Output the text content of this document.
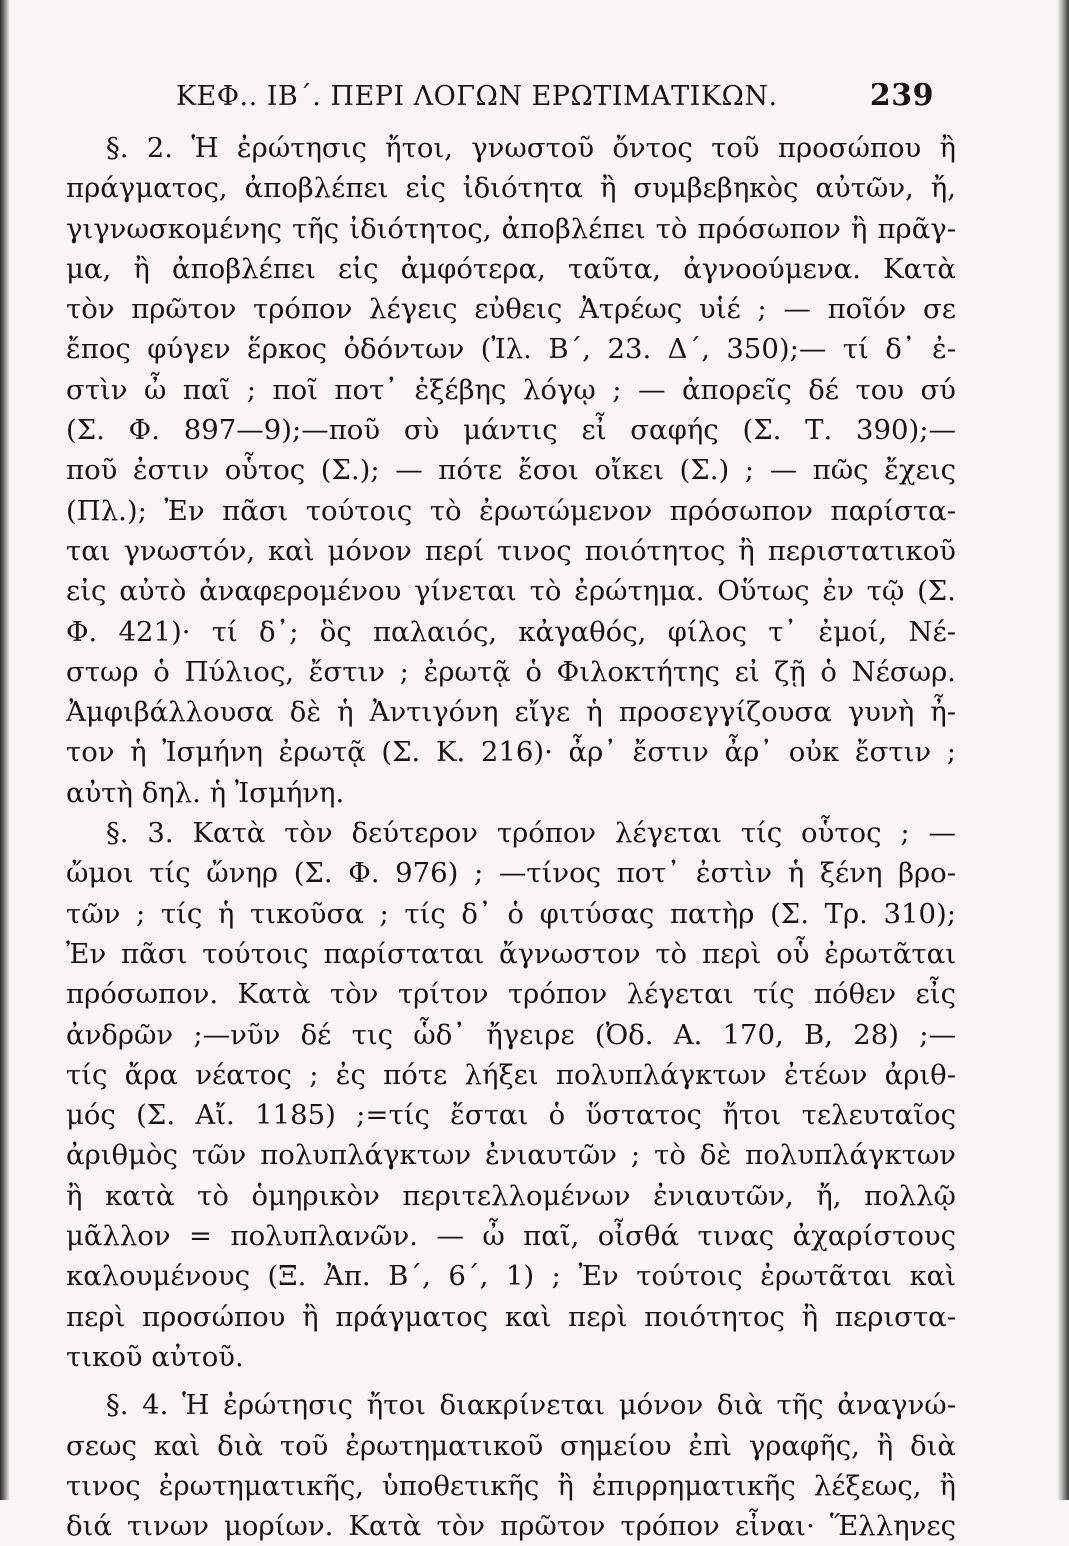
ΚΕΦ.. ΙΒ΄. ΠΕΡΙ ΛΟΓΩΝ ΕΡΩΤΙΜΑΤΙΚΩΝ.	239
§. 2. Ἡ ἐρώτησις ἤτοι, γνωστοῦ ὄντος τοῦ προσώπου ἢ
πράγματος, ἀποβλέπει εἰς ἰδιότητα ἢ συμβεβηκὸς αὐτῶν, ἤ,
γιγνωσκομένης τῆς ἰδιότητος, ἀποβλέπει τὸ πρόσωπον ἢ πρᾶγ-
μα, ἢ ἀποβλέπει εἰς ἀμφότερα, ταῦτα, ἀγνοούμενα. Κατὰ
τὸν πρῶτον τρόπον λέγεις εὐθεις Ἀτρέως υἱέ ; — ποῖόν σε
ἔπος φύγεν ἕρκος ὀδόντων (Ἰλ. Β΄, 23. Δ΄, 350);— τί δ᾽ ἐ-
στὶν ὦ παῖ ; ποῖ ποτ᾽ ἐξέβης λόγῳ ; — ἀπορεῖς δέ του σύ
(Σ. Φ. 897—9);—ποῦ σὺ μάντις εἶ σαφής (Σ. Τ. 390);—
ποῦ ἐστιν οὗτος (Σ.); — πότε ἔσοι οἴκει (Σ.) ; — πῶς ἔχεις
(Πλ.); Ἐν πᾶσι τούτοις τὸ ἐρωτώμενον πρόσωπον παρίστα-
ται γνωστόν, καὶ μόνον περί τινος ποιότητος ἢ περιστατικοῦ
εἰς αὐτὸ ἀναφερομένου γίνεται τὸ ἐρώτημα. Οὕτως ἐν τῷ (Σ.
Φ. 421)· τί δ᾽; ὃς παλαιός, κἀγαθός, φίλος τ᾽ ἐμοί, Νέ-
στωρ ὁ Πύλιος, ἔστιν ; ἐρωτᾷ ὁ Φιλοκτήτης εἰ ζῇ ὁ Νέσωρ.
Ἀμφιβάλλουσα δὲ ἡ Ἀντιγόνη εἴγε ἡ προσεγγίζουσα γυνὴ ἦ-
τον ἡ Ἰσμήνη ἐρωτᾷ (Σ. Κ. 216)· ἆρ᾽ ἔστιν ἆρ᾽ οὐκ ἔστιν ;
αὐτὴ δηλ. ἡ Ἰσμήνη.
§. 3. Κατὰ τὸν δεύτερον τρόπον λέγεται τίς οὗτος ; —
ὤμοι τίς ὤνηρ (Σ. Φ. 976) ; —τίνος ποτ᾽ ἐστὶν ἡ ξένη βρο-
τῶν ; τίς ἡ τικοῦσα ; τίς δ᾽ ὁ φιτύσας πατὴρ (Σ. Τρ. 310);
Ἐν πᾶσι τούτοις παρίσταται ἄγνωστον τὸ περὶ οὗ ἐρωτᾶται
πρόσωπον. Κατὰ τὸν τρίτον τρόπον λέγεται τίς πόθεν εἶς
ἀνδρῶν ;—νῦν δέ τις ὧδ᾽ ἤγειρε (Ὀδ. Α. 170, Β, 28) ;—
τίς ἄρα νέατος ; ἐς πότε λήξει πολυπλάγκτων ἐτέων ἀριθ-
μός (Σ. Αἴ. 1185) ;=τίς ἔσται ὁ ὕστατος ἤτοι τελευταῖος
ἀριθμὸς τῶν πολυπλάγκτων ἐνιαυτῶν ; τὸ δὲ πολυπλάγκτων
ἢ κατὰ τὸ ὁμηρικὸν περιτελλομένων ἐνιαυτῶν, ἤ, πολλῷ
μᾶλλον = πολυπλανῶν. — ὦ παῖ, οἶσθά τινας ἀχαρίστους
καλουμένους (Ξ. Ἀπ. Β΄, 6΄, 1) ; Ἐν τούτοις ἐρωτᾶται καὶ
περὶ προσώπου ἢ πράγματος καὶ περὶ ποιότητος ἢ περιστα-
τικοῦ αὐτοῦ.
§. 4. Ἡ ἐρώτησις ἤτοι διακρίνεται μόνον διὰ τῆς ἀναγνώ-
σεως καὶ διὰ τοῦ ἐρωτηματικοῦ σημείου ἐπὶ γραφῆς, ἢ διὰ
τινος ἐρωτηματικῆς, ὑποθετικῆς ἢ ἐπιρρηματικῆς λέξεως, ἢ
διά τινων μορίων. Κατὰ τὸν πρῶτον τρόπον εἶναι· Ἕλληνες
